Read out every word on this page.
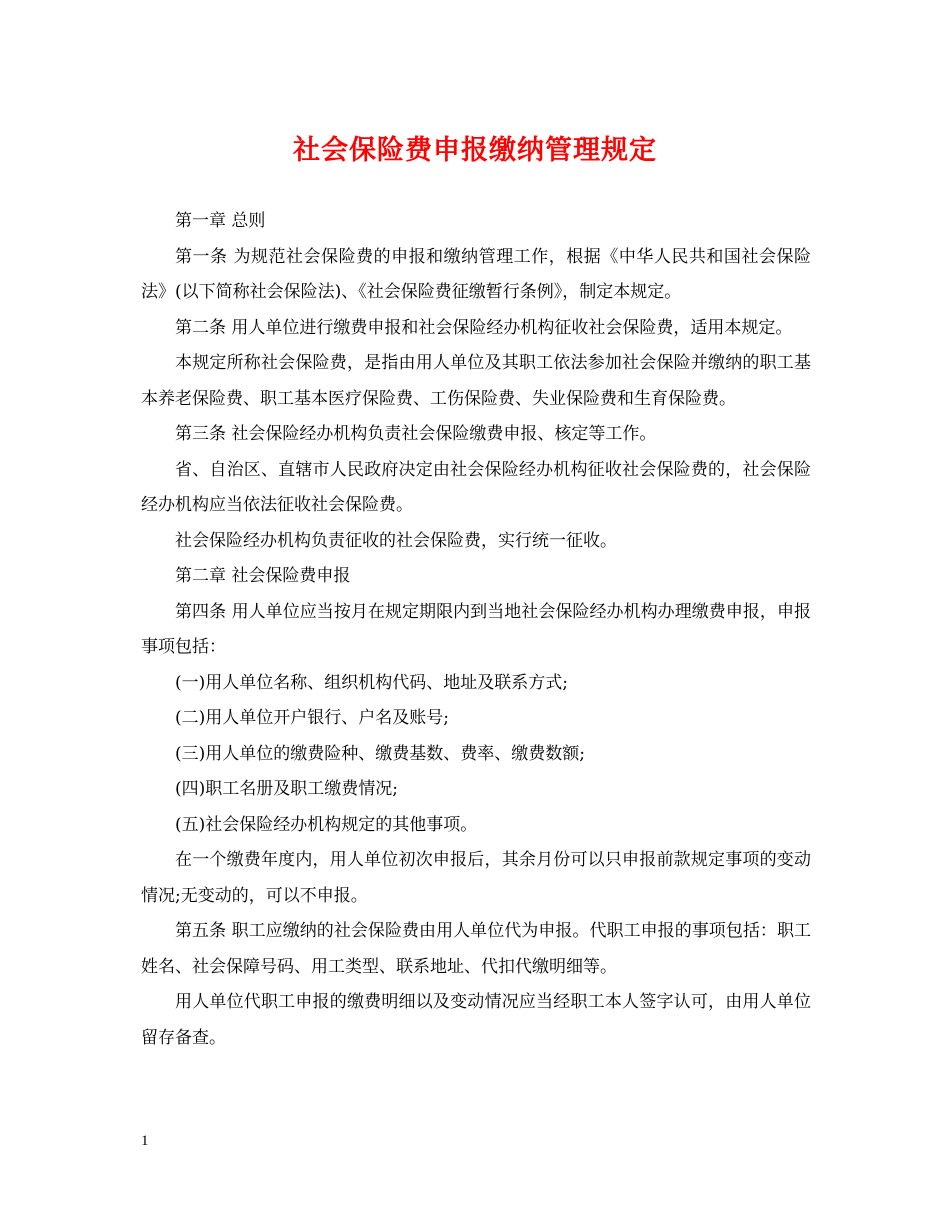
社会保险费申报缴纳管理规定

第一章 总则

第一条 为规范社会保险费的申报和缴纳管理工作，根据《中华人民共和国社会保险法》(以下简称社会保险法)、《社会保险费征缴暂行条例》，制定本规定。

第二条 用人单位进行缴费申报和社会保险经办机构征收社会保险费，适用本规定。

本规定所称社会保险费，是指由用人单位及其职工依法参加社会保险并缴纳的职工基本养老保险费、职工基本医疗保险费、工伤保险费、失业保险费和生育保险费。

第三条 社会保险经办机构负责社会保险缴费申报、核定等工作。

省、自治区、直辖市人民政府决定由社会保险经办机构征收社会保险费的，社会保险经办机构应当依法征收社会保险费。

社会保险经办机构负责征收的社会保险费，实行统一征收。

第二章 社会保险费申报

第四条 用人单位应当按月在规定期限内到当地社会保险经办机构办理缴费申报，申报事项包括：

(一)用人单位名称、组织机构代码、地址及联系方式;

(二)用人单位开户银行、户名及账号;

(三)用人单位的缴费险种、缴费基数、费率、缴费数额;

(四)职工名册及职工缴费情况;

(五)社会保险经办机构规定的其他事项。

在一个缴费年度内，用人单位初次申报后，其余月份可以只申报前款规定事项的变动情况;无变动的，可以不申报。

第五条 职工应缴纳的社会保险费由用人单位代为申报。代职工申报的事项包括：职工姓名、社会保障号码、用工类型、联系地址、代扣代缴明细等。

用人单位代职工申报的缴费明细以及变动情况应当经职工本人签字认可，由用人单位留存备查。

1
